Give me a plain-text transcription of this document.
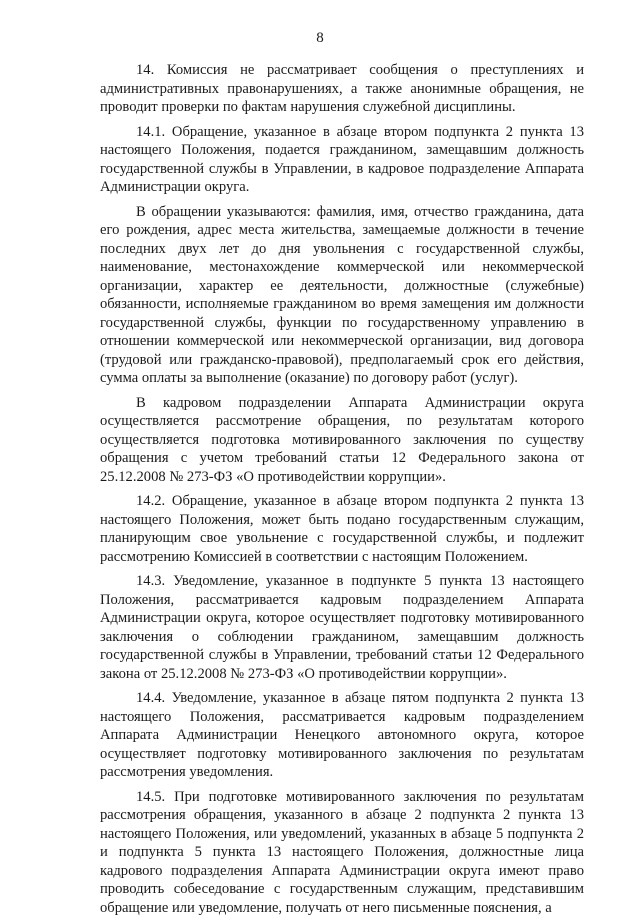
8

14. Комиссия не рассматривает сообщения о преступлениях и административных правонарушениях, а также анонимные обращения, не проводит проверки по фактам нарушения служебной дисциплины.

14.1. Обращение, указанное в абзаце втором подпункта 2 пункта 13 настоящего Положения, подается гражданином, замещавшим должность государственной службы в Управлении, в кадровое подразделение Аппарата Администрации округа.

В обращении указываются: фамилия, имя, отчество гражданина, дата его рождения, адрес места жительства, замещаемые должности в течение последних двух лет до дня увольнения с государственной службы, наименование, местонахождение коммерческой или некоммерческой организации, характер ее деятельности, должностные (служебные) обязанности, исполняемые гражданином во время замещения им должности государственной службы, функции по государственному управлению в отношении коммерческой или некоммерческой организации, вид договора (трудовой или гражданско-правовой), предполагаемый срок его действия, сумма оплаты за выполнение (оказание) по договору работ (услуг).

В кадровом подразделении Аппарата Администрации округа осуществляется рассмотрение обращения, по результатам которого осуществляется подготовка мотивированного заключения по существу обращения с учетом требований статьи 12 Федерального закона от 25.12.2008 № 273-ФЗ «О противодействии коррупции».

14.2. Обращение, указанное в абзаце втором подпункта 2 пункта 13 настоящего Положения, может быть подано государственным служащим, планирующим свое увольнение с государственной службы, и подлежит рассмотрению Комиссией в соответствии с настоящим Положением.

14.3. Уведомление, указанное в подпункте 5 пункта 13 настоящего Положения, рассматривается кадровым подразделением Аппарата Администрации округа, которое осуществляет подготовку мотивированного заключения о соблюдении гражданином, замещавшим должность государственной службы в Управлении, требований статьи 12 Федерального закона от 25.12.2008 № 273-ФЗ «О противодействии коррупции».

14.4. Уведомление, указанное в абзаце пятом подпункта 2 пункта 13 настоящего Положения, рассматривается кадровым подразделением Аппарата Администрации Ненецкого автономного округа, которое осуществляет подготовку мотивированного заключения по результатам рассмотрения уведомления.

14.5. При подготовке мотивированного заключения по результатам рассмотрения обращения, указанного в абзаце 2 подпункта 2 пункта 13 настоящего Положения, или уведомлений, указанных в абзаце 5 подпункта 2 и подпункта 5 пункта 13 настоящего Положения, должностные лица кадрового подразделения Аппарата Администрации округа имеют право проводить собеседование с государственным служащим, представившим обращение или уведомление, получать от него письменные пояснения, а
